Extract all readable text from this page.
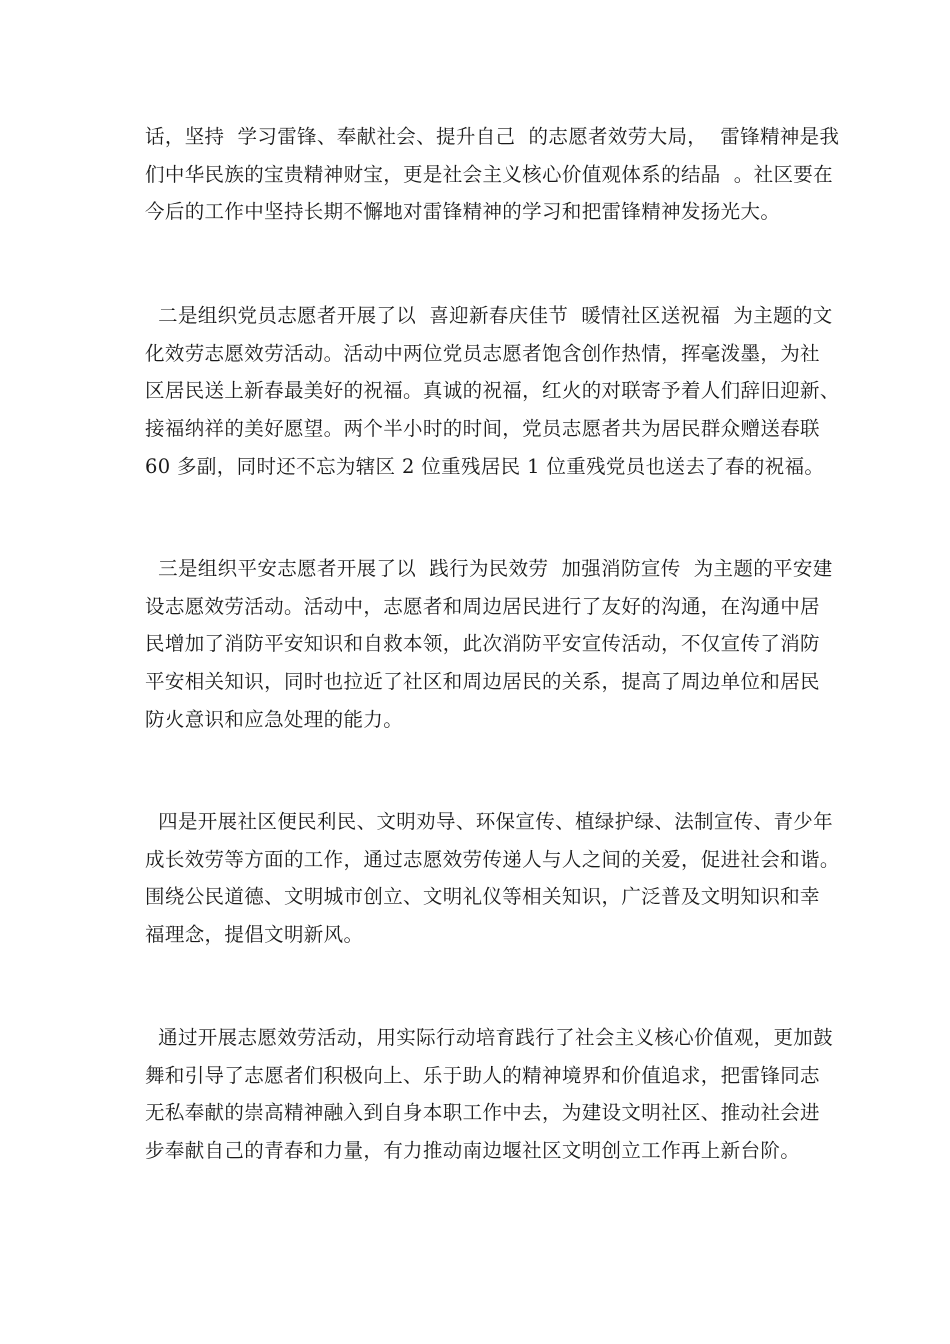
话，坚持  学习雷锋、奉献社会、提升自己  的志愿者效劳大局，  雷锋精神是我
们中华民族的宝贵精神财宝，更是社会主义核心价值观体系的结晶  。社区要在
今后的工作中坚持长期不懈地对雷锋精神的学习和把雷锋精神发扬光大。

二是组织党员志愿者开展了以  喜迎新春庆佳节  暖情社区送祝福  为主题的文
化效劳志愿效劳活动。活动中两位党员志愿者饱含创作热情，挥毫泼墨，为社
区居民送上新春最美好的祝福。真诚的祝福，红火的对联寄予着人们辞旧迎新、
接福纳祥的美好愿望。两个半小时的时间，党员志愿者共为居民群众赠送春联
60 多副，同时还不忘为辖区 2 位重残居民 1 位重残党员也送去了春的祝福。

三是组织平安志愿者开展了以  践行为民效劳  加强消防宣传  为主题的平安建
设志愿效劳活动。活动中，志愿者和周边居民进行了友好的沟通，在沟通中居
民增加了消防平安知识和自救本领，此次消防平安宣传活动，不仅宣传了消防
平安相关知识，同时也拉近了社区和周边居民的关系，提高了周边单位和居民
防火意识和应急处理的能力。

四是开展社区便民利民、文明劝导、环保宣传、植绿护绿、法制宣传、青少年
成长效劳等方面的工作，通过志愿效劳传递人与人之间的关爱，促进社会和谐。
围绕公民道德、文明城市创立、文明礼仪等相关知识，广泛普及文明知识和幸
福理念，提倡文明新风。

通过开展志愿效劳活动，用实际行动培育践行了社会主义核心价值观，更加鼓
舞和引导了志愿者们积极向上、乐于助人的精神境界和价值追求，把雷锋同志
无私奉献的崇高精神融入到自身本职工作中去，为建设文明社区、推动社会进
步奉献自己的青春和力量，有力推动南边堰社区文明创立工作再上新台阶。
